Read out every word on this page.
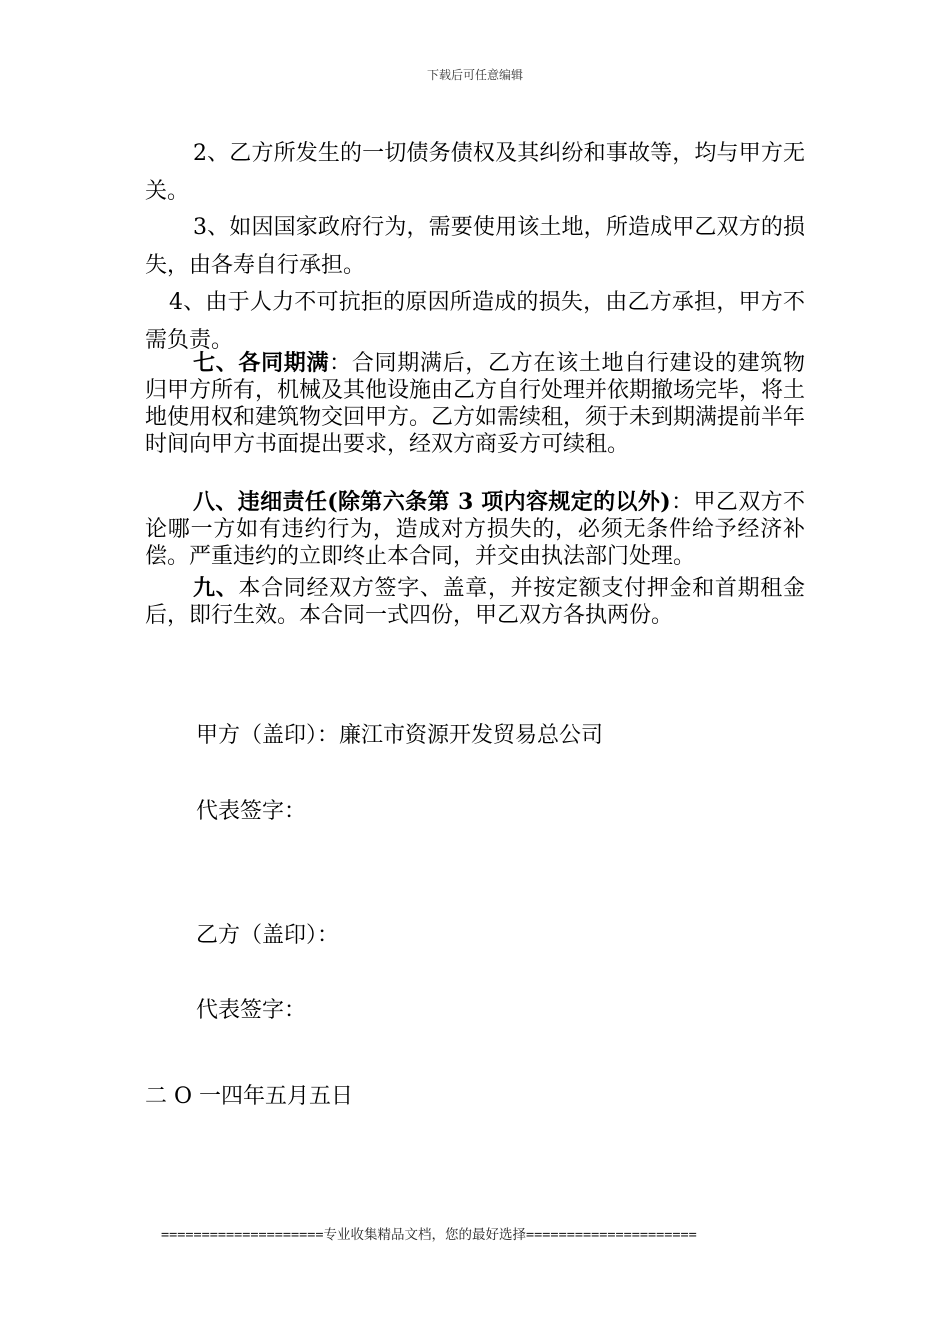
下载后可任意编辑

2、乙方所发生的一切债务债权及其纠纷和事故等，均与甲方无关。

3、如因国家政府行为，需要使用该土地，所造成甲乙双方的损失，由各寿自行承担。

4、由于人力不可抗拒的原因所造成的损失，由乙方承担，甲方不需负责。

七、各同期满：合同期满后，乙方在该土地自行建设的建筑物归甲方所有，机械及其他设施由乙方自行处理并依期撤场完毕，将土地使用权和建筑物交回甲方。乙方如需续租，须于未到期满提前半年时间向甲方书面提出要求，经双方商妥方可续租。

八、违细责任(除第六条第 3 项内容规定的以外)：甲乙双方不论哪一方如有违约行为，造成对方损失的，必须无条件给予经济补偿。严重违约的立即终止本合同，并交由执法部门处理。

九、本合同经双方签字、盖章，并按定额支付押金和首期租金后，即行生效。本合同一式四份，甲乙双方各执两份。

甲方（盖印）：廉江市资源开发贸易总公司
代表签字：
乙方（盖印）：
代表签字：
二 O 一四年五月五日
====================专业收集精品文档，您的最好选择=====================
